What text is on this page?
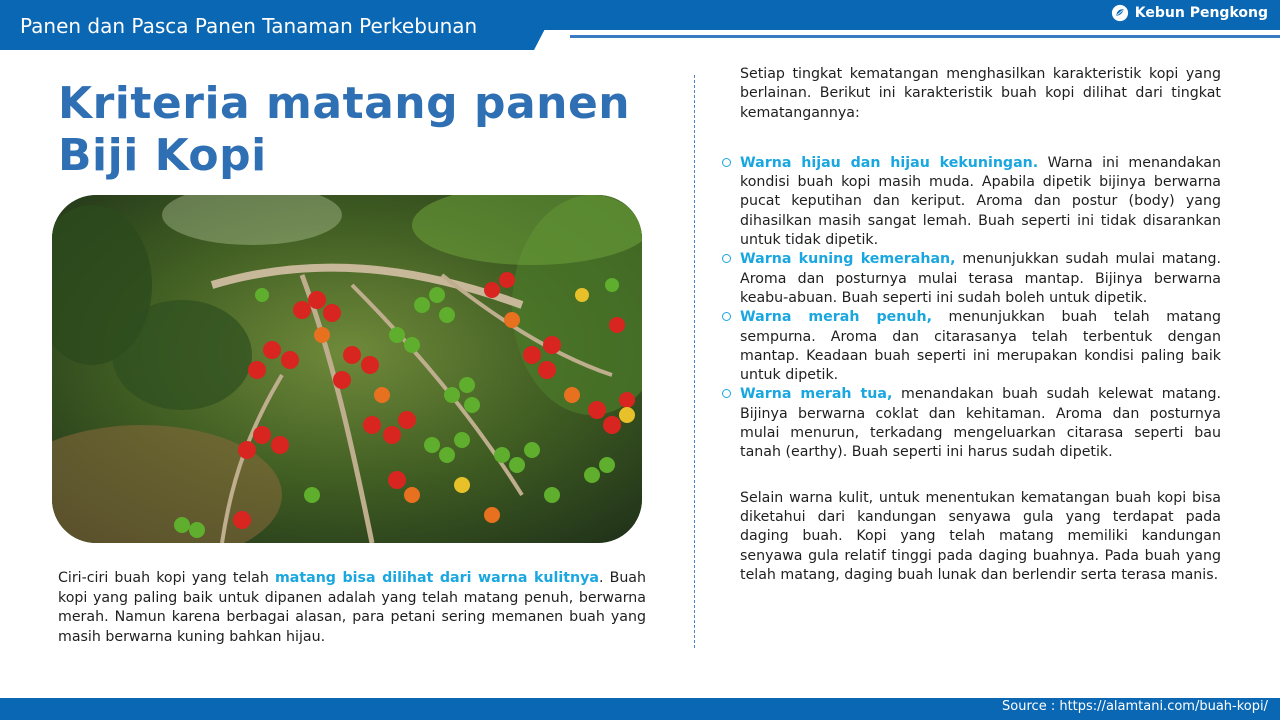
Panen dan Pasca Panen Tanaman Perkebunan
Kebun Pengkong
Kriteria matang panen
Biji Kopi

Ciri-ciri buah kopi yang telah matang bisa dilihat dari warna kulitnya. Buah kopi yang paling baik untuk dipanen adalah yang telah matang penuh, berwarna merah. Namun karena berbagai alasan, para petani sering memanen buah yang masih berwarna kuning bahkan hijau.

Setiap tingkat kematangan menghasilkan karakteristik kopi yang berlainan. Berikut ini karakteristik buah kopi dilihat dari tingkat kematangannya:

Warna hijau dan hijau kekuningan. Warna ini menandakan kondisi buah kopi masih muda. Apabila dipetik bijinya berwarna pucat keputihan dan keriput. Aroma dan postur (body) yang dihasilkan masih sangat lemah. Buah seperti ini tidak disarankan untuk tidak dipetik.
Warna kuning kemerahan, menunjukkan sudah mulai matang. Aroma dan posturnya mulai terasa mantap. Bijinya berwarna keabu-abuan. Buah seperti ini sudah boleh untuk dipetik.
Warna merah penuh, menunjukkan buah telah matang sempurna. Aroma dan citarasanya telah terbentuk dengan mantap. Keadaan buah seperti ini merupakan kondisi paling baik untuk dipetik.
Warna merah tua, menandakan buah sudah kelewat matang. Bijinya berwarna coklat dan kehitaman. Aroma dan posturnya mulai menurun, terkadang mengeluarkan citarasa seperti bau tanah (earthy). Buah seperti ini harus sudah dipetik.

Selain warna kulit, untuk menentukan kematangan buah kopi bisa diketahui dari kandungan senyawa gula yang terdapat pada daging buah. Kopi yang telah matang memiliki kandungan senyawa gula relatif tinggi pada daging buahnya. Pada buah yang telah matang, daging buah lunak dan berlendir serta terasa manis.

Source : https://alamtani.com/buah-kopi/
